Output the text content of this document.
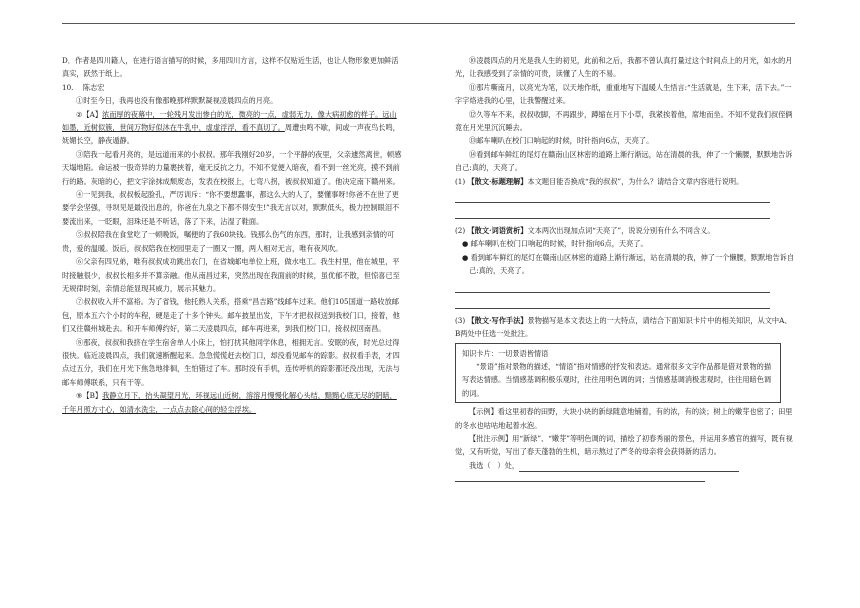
D．作者是四川籍人，在进行语言描写的时候，多用四川方言，这样不仅贴近生活，也让人物形象更加鲜活真实，跃然于纸上。

10. 　陈志宏

①时至今日，我再也没有像那晚那样默默凝视凌晨四点的月亮。

②【A】浓而厚的夜幕中，一轮残月发出惨白的光，微亮的一点，虚弱无力，像大病初愈的样子。远山如墨，近树似簇，世间万物好似沐在牛乳中，虚虚浮浮，看不真切了。周遭虫鸣不歇，间或一声夜鸟长鸣，妩媚长空，静夜遁静。

③陪我一起看月亮的，是远道而来的小叔叔。那年我刚好20岁，一个平静的夜里，父亲遽然离世，顿感天塌地陷。命运被一股奇异的力量裹挟着，毫无反抗之力，不知不觉便入暗夜，看不到一丝光亮，摸不到前行的路。灰暗的心，把文字涂抹成颓废态，发表在校报上，七弯八拐，被叔叔知道了。他决定南下赣州来。

④一见到我，叔叔板起脸孔，严厉训斥：“你不要想蠢事，都这么大的人了，要懂事呀!你爸不在世了更要学会坚强，寻坝见是最没出息的，你爸在九泉之下都不得安生!”我无言以对，默默低头，极力控制眼泪不要流出来，一眨眼，泪珠还是不听话，落了下来，沾湿了鞋面。

⑤叔叔陪我在食堂吃了一顿晚饭，嘱便的了我60块钱。钱那么伤气的东西，那时，让我感到亲情的可贵，爱的温暖。饭后，叔叔陪我在校园里走了一圈又一圈，两人相对无言，唯有夜风吹。

⑥父亲有四兄弟，唯有叔叔成功跳出农门，在省城邮电单位上班，做水电工。我生村里，他在城里，平时接触很少，叔叔长相多并不算亲融。他从南昌过来，突然出现在我面前的时候，虽优郁不散，但惊喜已至无规律时刻，亲情总能显现其威力，展示其魅力。

⑦叔叔收入并不富裕。为了省钱，他托熟人关系，搭乘“昌吉路”线邮车过来。他们105国道一路收放邮包，原本五六个小时的车程，硬是走了十多个钟头。邮车披星出发，下午才把叔叔送到我校门口，接着，他们又往赣州城赴去。和开车师傅约好，第二天凌晨四点，邮车再进来，到我们校门口，接叔叔回南昌。

⑧那夜，叔叔和我挤在学生宿舍单人小床上，怕打扰其他同学休息，相拥无言。安眠的夜，时光总过得很快。临近凌晨四点，我们就速断醒起来。急急慌慌赶去校门口，却没看见邮车的踪影。叔叔看手表，才四点过五分，我们在月光下焦急地徘徊，生怕错过了车。那时没有手机，连传呼机的踪影都还没出现，无法与邮车师傅联系，只有干等。

⑨【B】我静立月下，抬头凝望月光，环视远山近树，溶溶月慢慢化解心头结，黯黯心底无尽的阴暗，千年月照方寸心，如清水洗尘，一点点去除心间的轻尘浮埃。

⑩凌晨四点的月光是我人生的初见，此前和之后，我都不曾认真打量过这个时间点上的月光，如水的月光，让我感受到了亲情的可贵，读懂了人生的不易。

⑪那片嘶南月，以亮光为笔，以天地作纸，重重地写下温暖人生悟言:“生活就是，生下来，活下去。”一字字烙进我的心里，让我警醒过来。

⑫久等车不来，叔叔收脚，不再跟步，蹲缩在月下小草，我紧挨着他，席地而坐。不知不觉我们叔侄俩竟在月光里沉沉睡去。

⑬邮车喇叭在校门口响起的时候，时针指向6点，天亮了。

⑭看到邮车鲜红的尾灯在赣南山区林密的道路上渐行渐远，站在清晨的我，伸了一个懒腰，默默地告诉自己:真的，天亮了。

(1) 【散文·标题理解】本文题目能否换成“我的叔叔”，为什么？请结合文章内容进行说明。

(2) 【散文·词语赏析】文本两次出现加点词“天亮了”，说说分别有什么不同含义。

● 邮车喇叭在校门口响起的时候，时针指向6点，天亮了。

● 看到邮车鲜红的尾灯在赣南山区林密的道路上渐行渐远，站在清晨的我，伸了一个懒腰，默默地告诉自己:真的，天亮了。

(3) 【散文·写作手法】景物描写是本文表达上的一大特点，请结合下面知识卡片中的相关知识，从文中A、B两处中任选一处批注。

知识卡片：一切景语皆情语

“景语”指对景物的描述，“情语”指对情感的抒发和表达。通常很多文字作品都是借对景物的描写表达情感。当情感基调积极乐观时，往往用明色调的词；当情感基调消极悲观时，往往用暗色调的词。

【示例】看这里初春的田野，大块小块的新绿随意地铺着，有的浓，有的淡；树上的嫩芽也密了；田里的冬水也咕咕地起着水泡。

【批注示例】用“新绿”、“嫩芽”等明色调的词，描绘了初春秀丽的景色，并运用多感官的描写，既有视觉，又有听觉，写出了春天蓬勃的生机，暗示熬过了严冬的母亲将会获得新的活力。

我选（ ）处，
